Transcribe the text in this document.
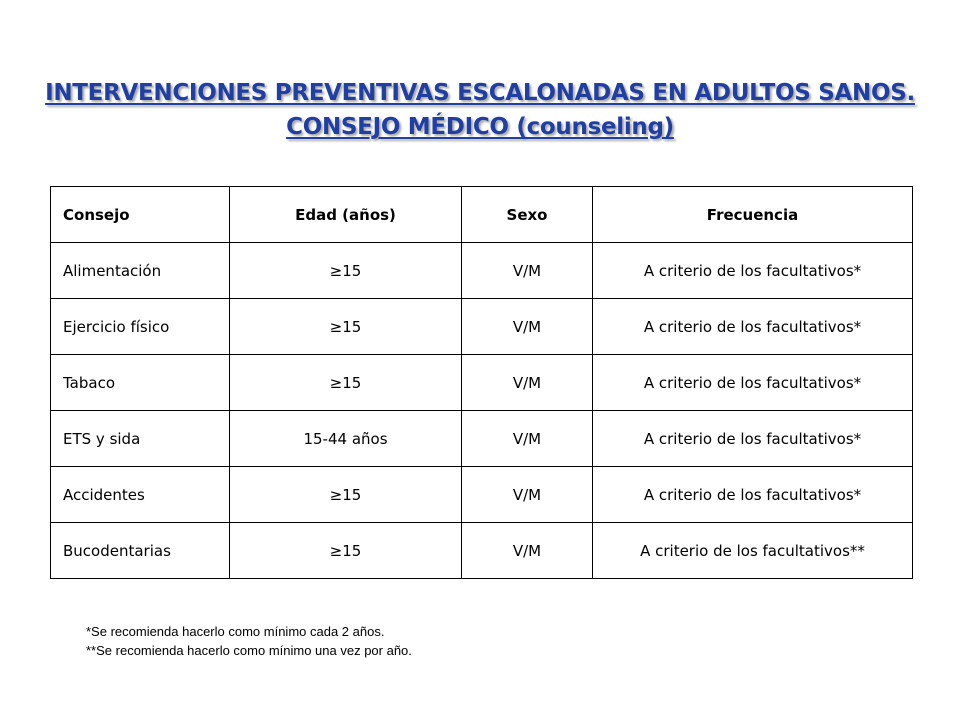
INTERVENCIONES PREVENTIVAS ESCALONADAS EN ADULTOS SANOS.
CONSEJO MÉDICO (counseling)
Consejo	Edad (años)	Sexo	Frecuencia
Alimentación	≥15	V/M	A criterio de los facultativos*
Ejercicio físico	≥15	V/M	A criterio de los facultativos*
Tabaco	≥15	V/M	A criterio de los facultativos*
ETS y sida	15-44 años	V/M	A criterio de los facultativos*
Accidentes	≥15	V/M	A criterio de los facultativos*
Bucodentarias	≥15	V/M	A criterio de los facultativos**
*Se recomienda hacerlo como mínimo cada 2 años.
**Se recomienda hacerlo como mínimo una vez por año.
